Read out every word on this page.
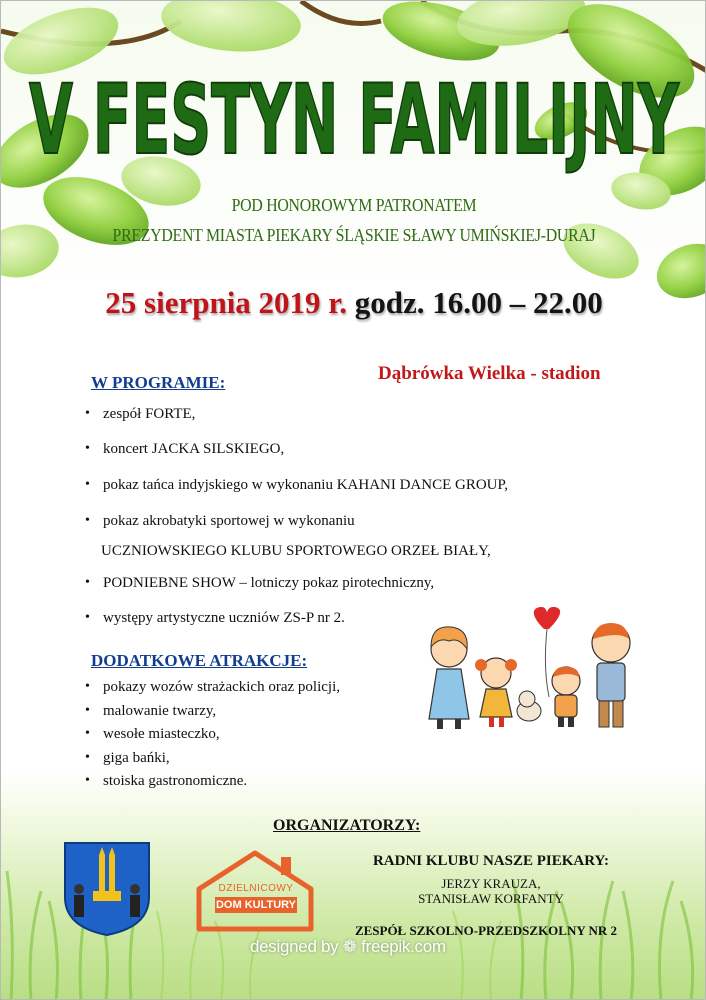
V FESTYN FAMILIJNY
POD HONOROWYM PATRONATEM
PREZYDENT MIASTA PIEKARY ŚLĄSKIE SŁAWY UMIŃSKIEJ-DURAJ
25 sierpnia 2019 r. godz. 16.00 – 22.00
Dąbrówka Wielka - stadion
W PROGRAMIE:
• zespół FORTE,
• koncert JACKA SILSKIEGO,
• pokaz tańca indyjskiego w wykonaniu KAHANI DANCE GROUP,
• pokaz akrobatyki sportowej w wykonaniu
UCZNIOWSKIEGO KLUBU SPORTOWEGO ORZEŁ BIAŁY,
• PODNIEBNE SHOW – lotniczy pokaz pirotechniczny,
• występy artystyczne uczniów ZS-P nr 2.
DODATKOWE ATRAKCJE:
• pokazy wozów strażackich oraz policji,
• malowanie twarzy,
• wesołe miasteczko,
• giga bańki,
• stoiska gastronomiczne.
ORGANIZATORZY:
DZIELNICOWY
DOM KULTURY
RADNI KLUBU NASZE PIEKARY:
JERZY KRAUZA,
STANISŁAW KORFANTY
ZESPÓŁ SZKOLNO-PRZEDSZKOLNY NR 2
designed by ❁ freepik.com
